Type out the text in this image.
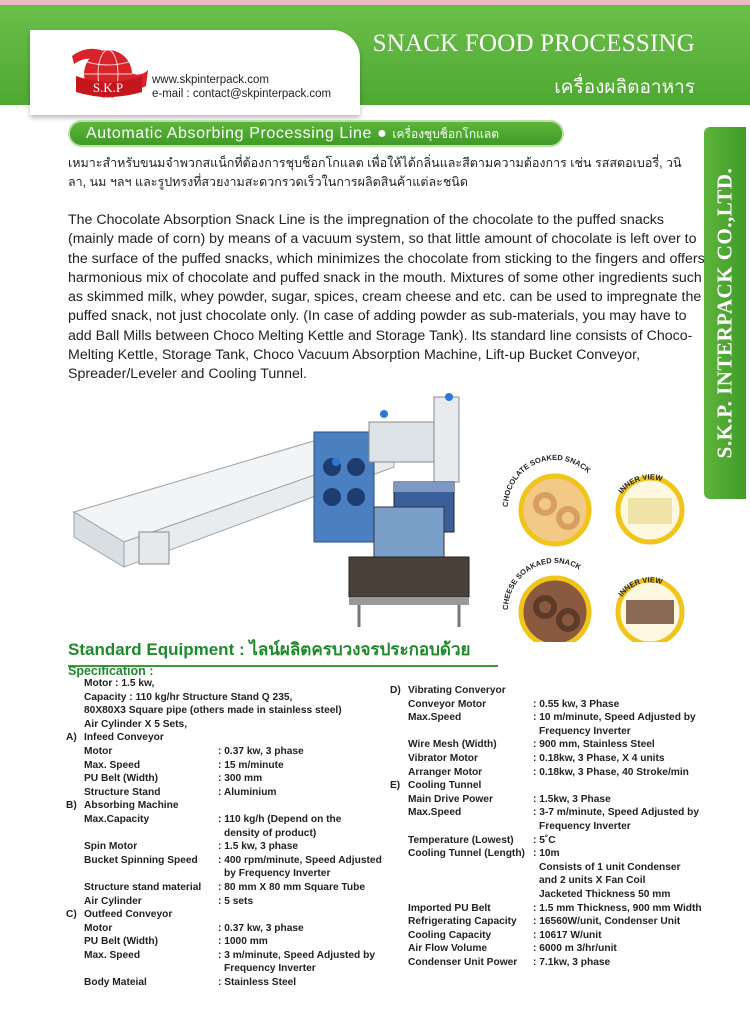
S.K.P	www.skpinterpack.com
e-mail : contact@skpinterpack.com
SNACK FOOD PROCESSING
เครื่องผลิตอาหาร
S.K.P. INTERPACK CO.,LTD.
Automatic Absorbing Processing Line ● เครื่องชุบช็อกโกแลต
เหมาะสำหรับขนมจำพวกสแน็กที่ต้องการชุบช็อกโกแลต เพื่อให้ได้กลิ่นและสีตามความต้องการ เช่น รสสตอเบอรี่, วนิลา, นม ฯลฯ และรูปทรงที่สวยงามสะดวกรวดเร็วในการผลิตสินค้าแต่ละชนิด
The Chocolate Absorption Snack Line is the impregnation of the chocolate to the puffed snacks (mainly made of corn) by means of a vacuum system, so that little amount of chocolate is left over to the surface of the puffed snacks, which minimizes the chocolate from sticking to the fingers and offers harmonious mix of chocolate and puffed snack in the mouth. Mixtures of some other ingredients such as skimmed milk, whey powder, sugar, spices, cream cheese and etc. can be used to impregnate the puffed snack, not just chocolate only. (In case of adding powder as sub-materials, you may have to add Ball Mills between Choco Melting Kettle and Storage Tank). Its standard line consists of Choco-Melting Kettle, Storage Tank, Choco Vacuum Absorption Machine, Lift-up Bucket Conveyor, Spreader/Leveler and Cooling Tunnel.
CHOCOLATE SOAKED SNACK
INNER VIEW
CHEESE SOAKAED SNACK
INNER VIEW
Standard Equipment : ไลน์ผลิตครบวงจรประกอบด้วย
Specification :
Motor : 1.5 kw,
Capacity : 110 kg/hr Structure Stand Q 235,
80X80X3 Square pipe (others made in stainless steel)
Air Cylinder X 5 Sets,
A) Infeed Conveyor
Motor	: 0.37 kw, 3 phase
Max. Speed	: 15 m/minute
PU Belt (Width)	: 300 mm
Structure Stand	: Aluminium
B) Absorbing Machine
Max.Capacity	: 110 kg/h (Depend on the
density of product)
Spin Motor	: 1.5 kw, 3 phase
Bucket Spinning Speed	: 400 rpm/minute, Speed Adjusted
by Frequency Inverter
Structure stand material	: 80 mm X 80 mm Square Tube
Air Cylinder	: 5 sets
C) Outfeed Conveyor
Motor	: 0.37 kw, 3 phase
PU Belt (Width)	: 1000 mm
Max. Speed	: 3 m/minute, Speed Adjusted by
Frequency Inverter
Body Mateial	: Stainless Steel
D) Vibrating Converyor
Conveyor Motor	: 0.55 kw, 3 Phase
Max.Speed	: 10 m/minute, Speed Adjusted by
Frequency Inverter
Wire Mesh (Width)	: 900 mm, Stainless Steel
Vibrator Motor	: 0.18kw, 3 Phase, X 4 units
Arranger Motor	: 0.18kw, 3 Phase, 40 Stroke/min
E) Cooling Tunnel
Main Drive Power	: 1.5kw, 3 Phase
Max.Speed	: 3-7 m/minute, Speed Adjusted by
Frequency Inverter
Temperature (Lowest)	: 5˚C
Cooling Tunnel (Length) : 10m
Consists of 1 unit Condenser
and 2 units X Fan Coil
Jacketed Thickness 50 mm
Imported PU Belt	: 1.5 mm Thickness, 900 mm Width
Refrigerating Capacity	: 16560W/unit, Condenser Unit
Cooling Capacity	: 10617 W/unit
Air Flow Volume	: 6000 m 3/hr/unit
Condenser Unit Power	: 7.1kw, 3 phase
